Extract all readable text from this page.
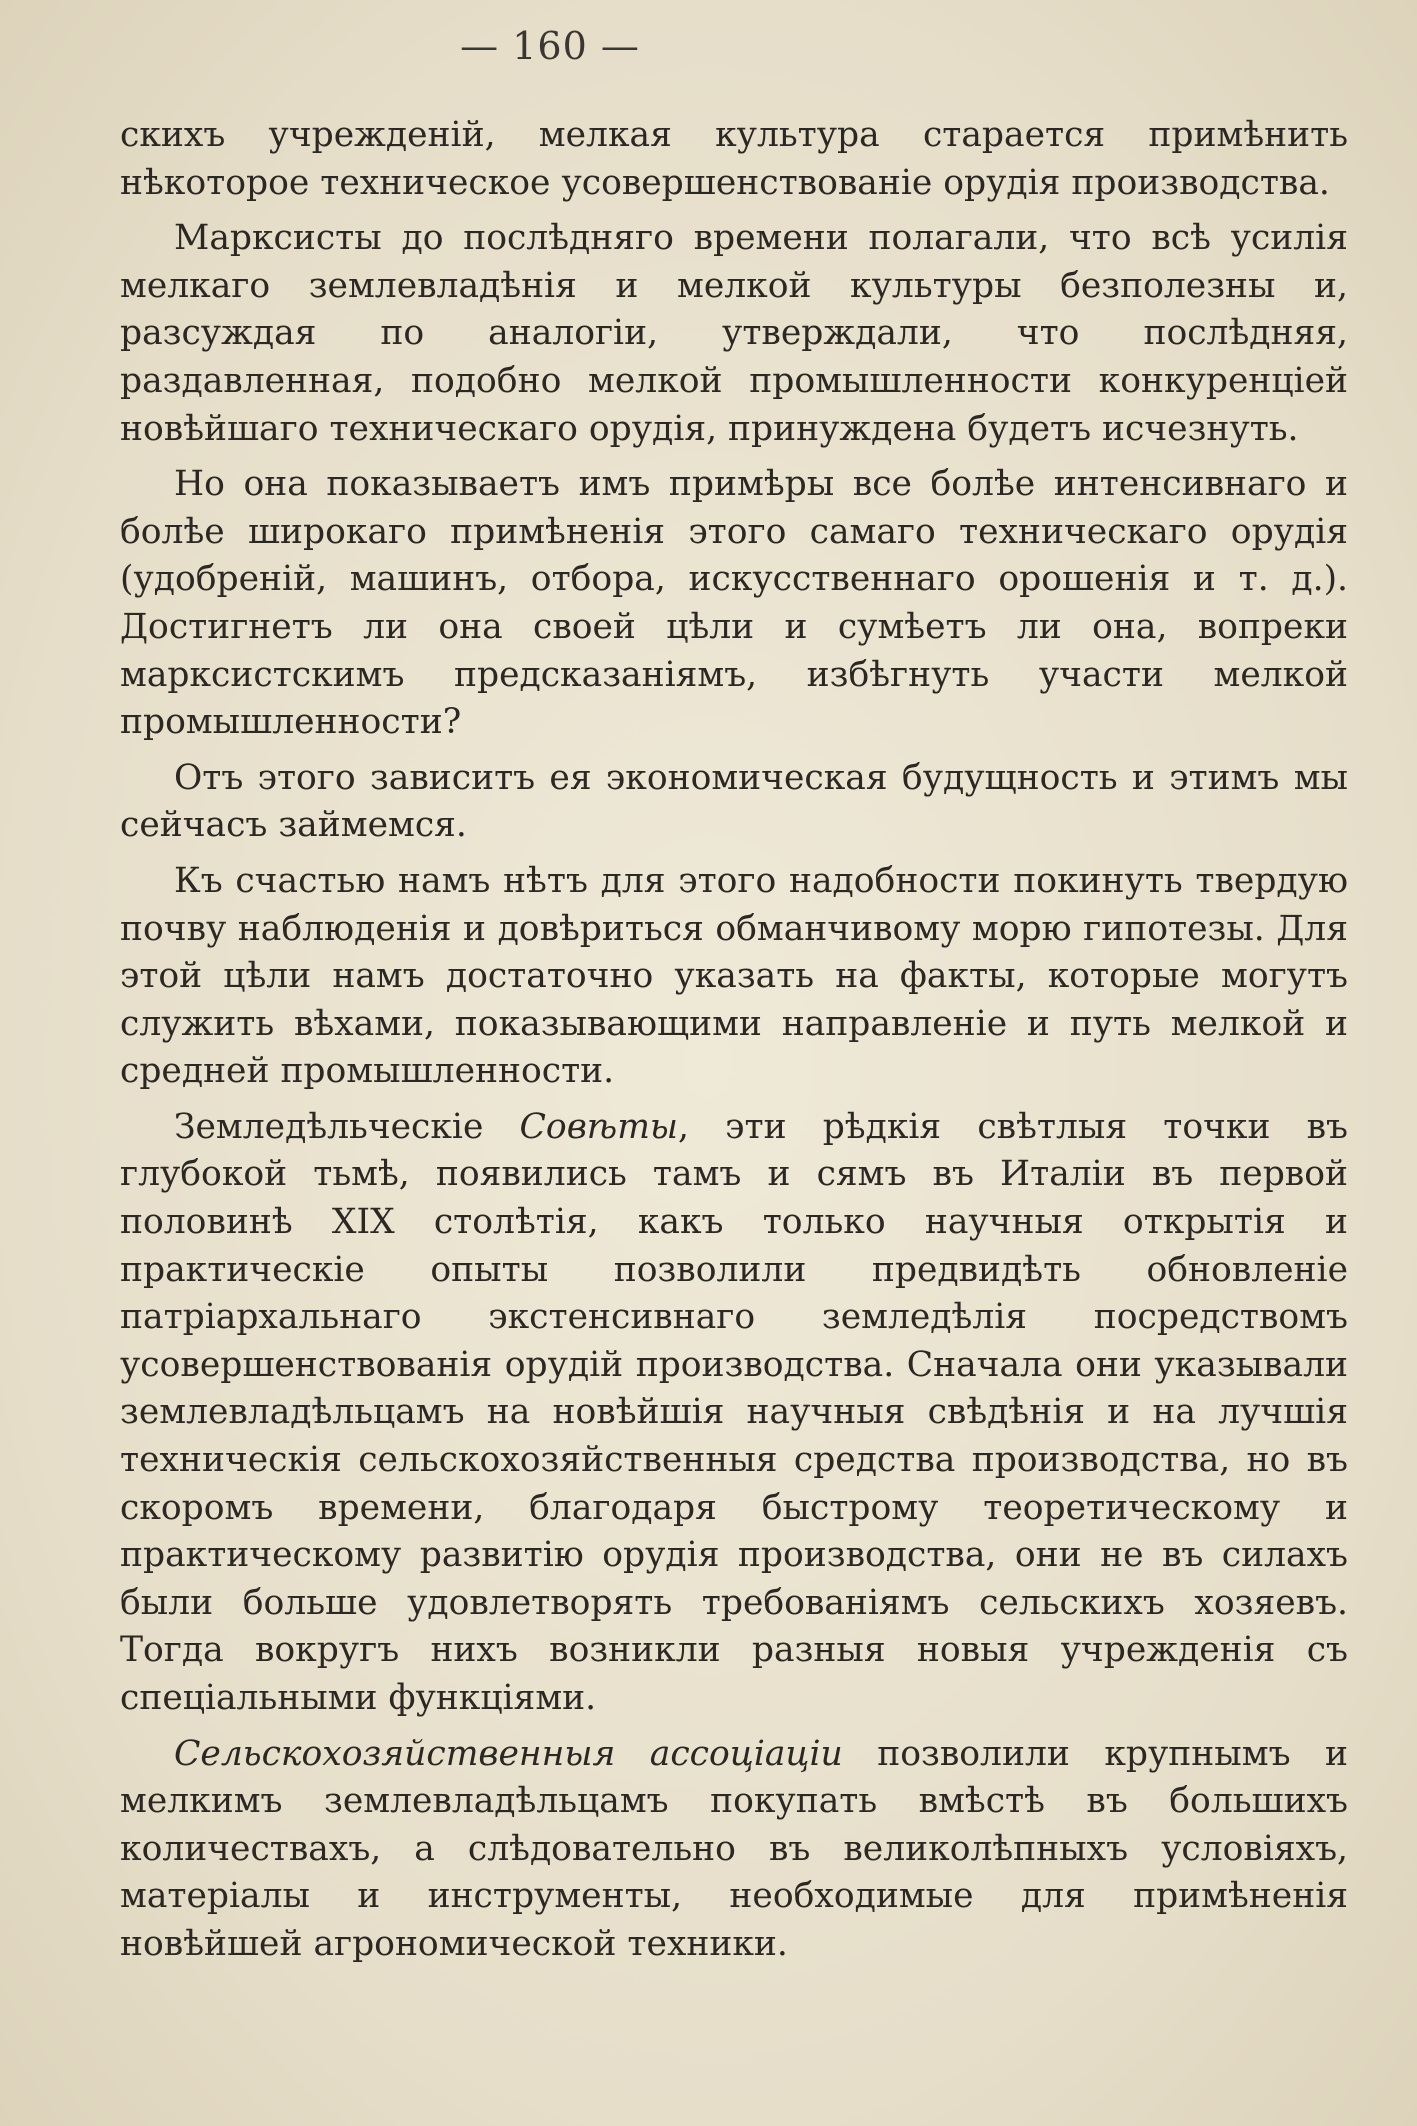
— 160 —

скихъ учрежденій, мелкая культура старается примѣнить нѣкоторое техническое усовершенствованіе орудія производства.

Марксисты до послѣдняго времени полагали, что всѣ усилія мелкаго землевладѣнія и мелкой культуры безполезны и, разсуждая по аналогіи, утверждали, что послѣдняя, раздавленная, подобно мелкой промышленности конкуренціей новѣйшаго техническаго орудія, принуждена будетъ исчезнуть.

Но она показываетъ имъ примѣры все болѣе интенсивнаго и болѣе широкаго примѣненія этого самаго техническаго орудія (удобреній, машинъ, отбора, искусственнаго орошенія и т. д.). Достигнетъ ли она своей цѣли и сумѣетъ ли она, вопреки марксистскимъ предсказаніямъ, избѣгнуть участи мелкой промышленности?

Отъ этого зависитъ ея экономическая будущность и этимъ мы сейчасъ займемся.

Къ счастью намъ нѣтъ для этого надобности покинуть твердую почву наблюденія и довѣриться обманчивому морю гипотезы. Для этой цѣли намъ достаточно указать на факты, которые могутъ служить вѣхами, показывающими направленіе и путь мелкой и средней промышленности.

Земледѣльческіе Совѣты, эти рѣдкія свѣтлыя точки въ глубокой тьмѣ, появились тамъ и сямъ въ Италіи въ первой половинѣ XIX столѣтія, какъ только научныя открытія и практическіе опыты позволили предвидѣть обновленіе патріархальнаго экстенсивнаго земледѣлія посредствомъ усовершенствованія орудій производства. Сначала они указывали землевладѣльцамъ на новѣйшія научныя свѣдѣнія и на лучшія техническія сельскохозяйственныя средства производства, но въ скоромъ времени, благодаря быстрому теоретическому и практическому развитію орудія производства, они не въ силахъ были больше удовлетворять требованіямъ сельскихъ хозяевъ. Тогда вокругъ нихъ возникли разныя новыя учрежденія съ спеціальными функціями.

Сельскохозяйственныя ассоціаціи позволили крупнымъ и мелкимъ землевладѣльцамъ покупать вмѣстѣ въ большихъ количествахъ, а слѣдовательно въ великолѣпныхъ условіяхъ, матеріалы и инструменты, необходимые для примѣненія новѣйшей агрономической техники.
